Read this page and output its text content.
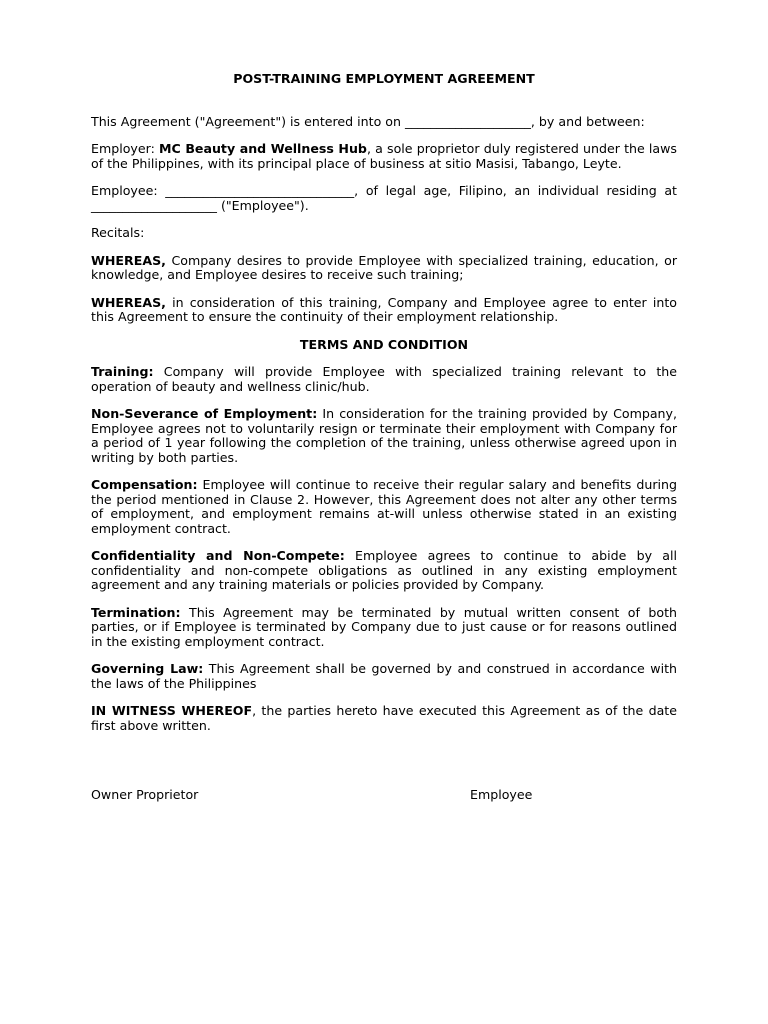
POST-TRAINING EMPLOYMENT AGREEMENT

This Agreement ("Agreement") is entered into on ____________________, by and between:

Employer: MC Beauty and Wellness Hub, a sole proprietor duly registered under the laws of the Philippines, with its principal place of business at sitio Masisi, Tabango, Leyte.

Employee: ______________________________, of legal age, Filipino, an individual residing at ____________________ ("Employee").

Recitals:

WHEREAS, Company desires to provide Employee with specialized training, education, or knowledge, and Employee desires to receive such training;

WHEREAS, in consideration of this training, Company and Employee agree to enter into this Agreement to ensure the continuity of their employment relationship.

TERMS AND CONDITION

Training: Company will provide Employee with specialized training relevant to the operation of beauty and wellness clinic/hub.

Non-Severance of Employment: In consideration for the training provided by Company, Employee agrees not to voluntarily resign or terminate their employment with Company for a period of 1 year following the completion of the training, unless otherwise agreed upon in writing by both parties.

Compensation: Employee will continue to receive their regular salary and benefits during the period mentioned in Clause 2. However, this Agreement does not alter any other terms of employment, and employment remains at-will unless otherwise stated in an existing employment contract.

Confidentiality and Non-Compete: Employee agrees to continue to abide by all confidentiality and non-compete obligations as outlined in any existing employment agreement and any training materials or policies provided by Company.

Termination: This Agreement may be terminated by mutual written consent of both parties, or if Employee is terminated by Company due to just cause or for reasons outlined in the existing employment contract.

Governing Law: This Agreement shall be governed by and construed in accordance with the laws of the Philippines

IN WITNESS WHEREOF, the parties hereto have executed this Agreement as of the date first above written.

Owner Proprietor	Employee
